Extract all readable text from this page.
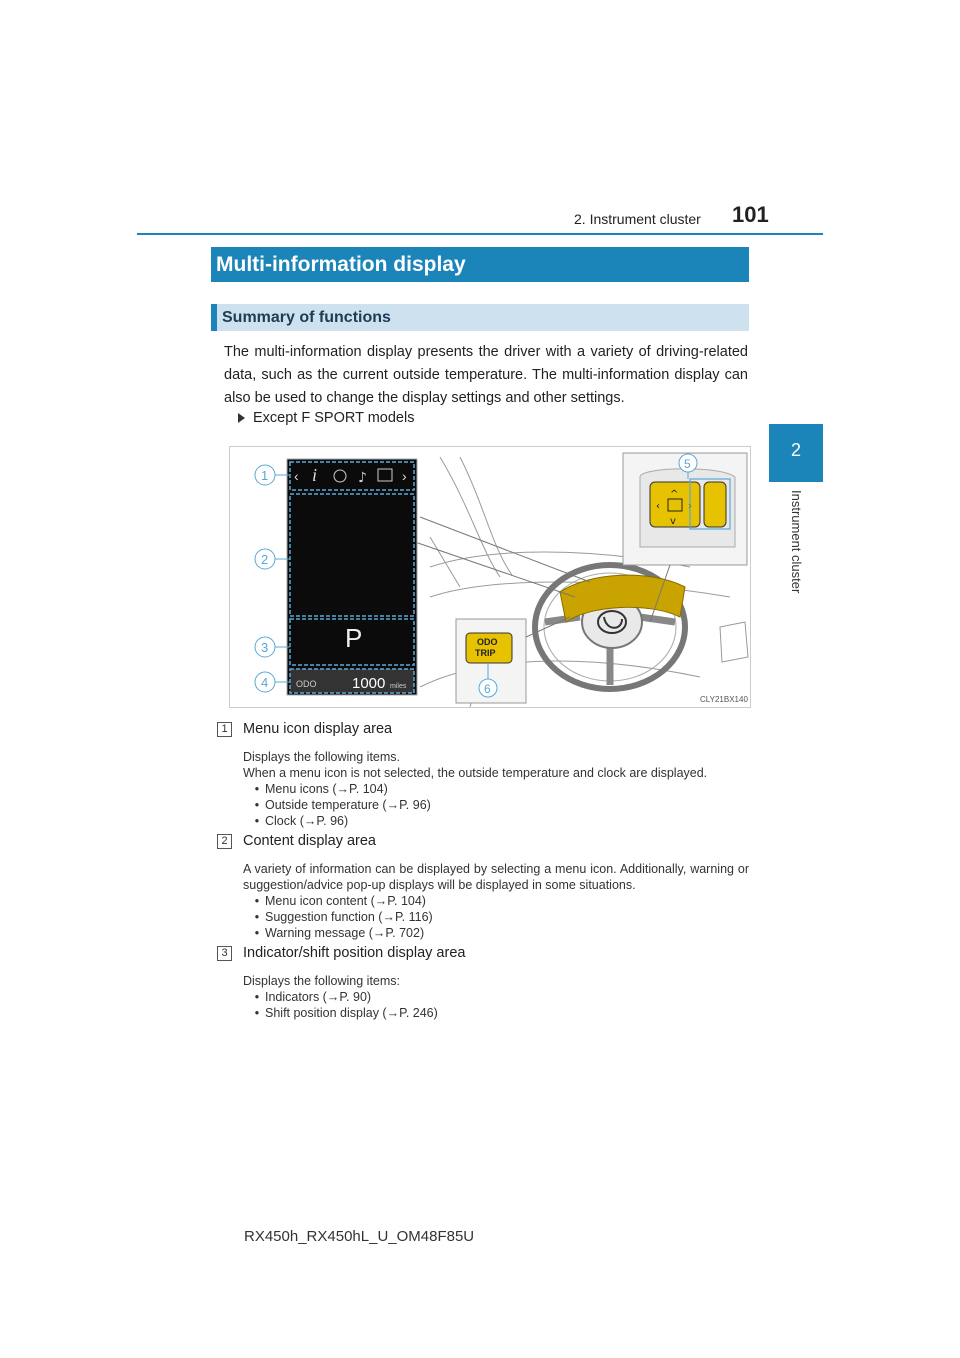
2. Instrument cluster 101
2
Instrument cluster
Multi-information display
Summary of functions
The multi-information display presents the driver with a variety of driving-related data, such as the current outside temperature. The multi-information display can also be used to change the display settings and other settings.
Except F SPORT models
‹ i	♪	›
P
ODO 1000 miles
1
2
3
4
^
‹	›
v
5
ODO
TRIP
6
CLY21BX140
1	Menu icon display area
Displays the following items.
When a menu icon is not selected, the outside temperature and clock are displayed.
• Menu icons (→P. 104)
• Outside temperature (→P. 96)
• Clock (→P. 96)
2	Content display area
A variety of information can be displayed by selecting a menu icon. Additionally, warning or suggestion/advice pop-up displays will be displayed in some situations.
• Menu icon content (→P. 104)
• Suggestion function (→P. 116)
• Warning message (→P. 702)
3	Indicator/shift position display area
Displays the following items:
• Indicators (→P. 90)
• Shift position display (→P. 246)
RX450h_RX450hL_U_OM48F85U
